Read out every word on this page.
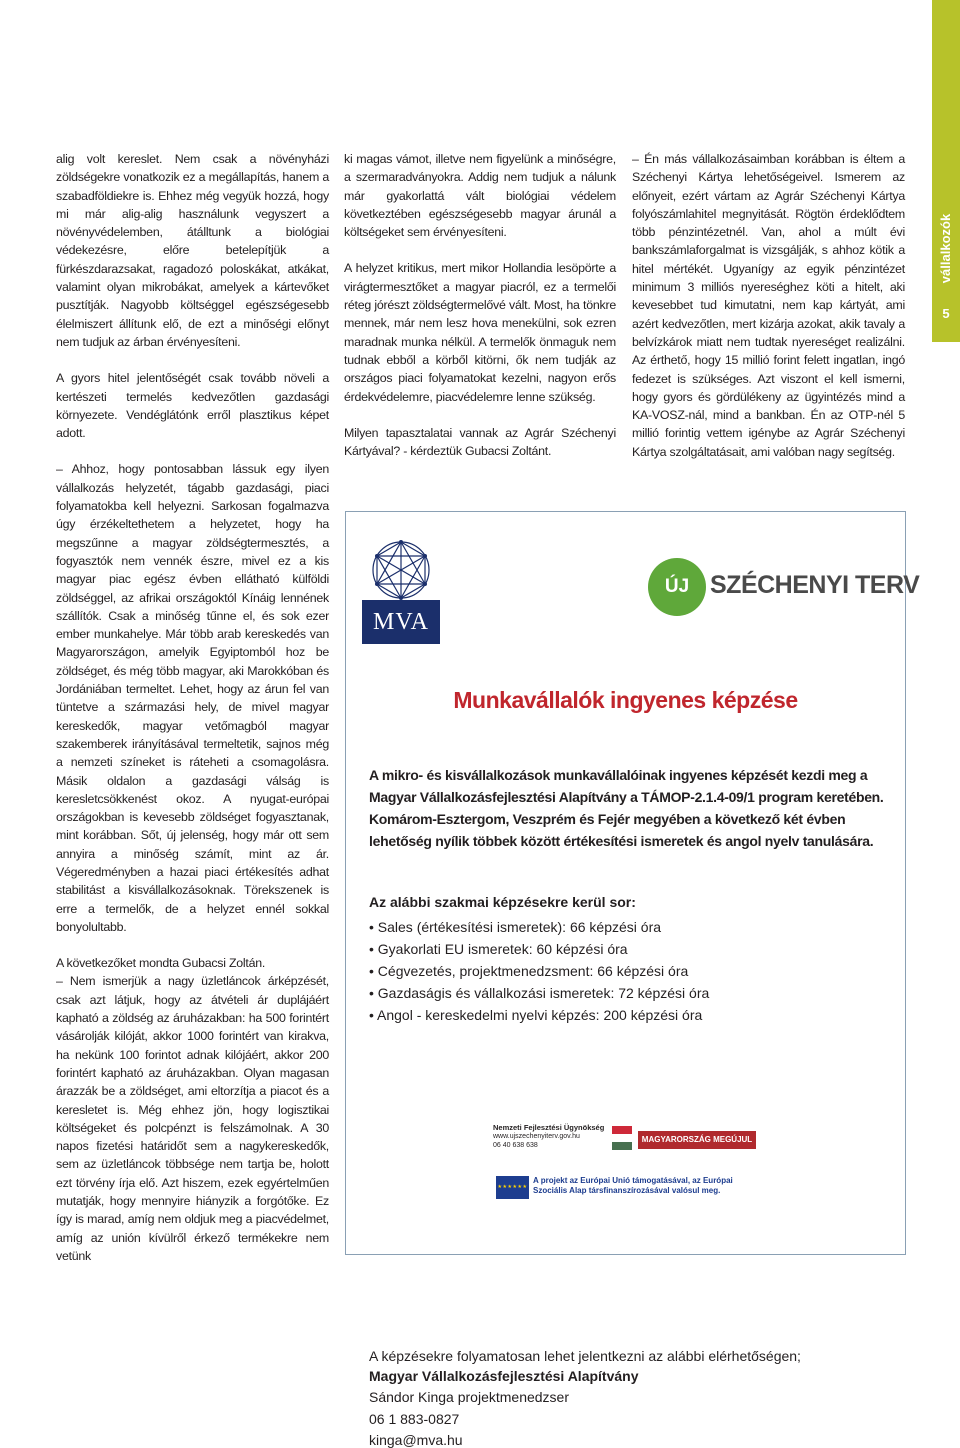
vállalkozók
5

alig volt kereslet. Nem csak a növényházi zöldségekre vonatkozik ez a megállapítás, hanem a szabadföldiekre is. Ehhez még vegyük hozzá, hogy mi már alig-alig használunk vegyszert a növényvédelemben, átálltunk a biológiai védekezésre, előre betelepítjük a fürkészdarazsakat, ragadozó poloskákat, atkákat, valamint olyan mikrobákat, amelyek a kártevőket pusztítják. Nagyobb költséggel egészségesebb élelmiszert állítunk elő, de ezt a minőségi előnyt nem tudjuk az árban érvényesíteni.

A gyors hitel jelentőségét csak tovább növeli a kertészeti termelés kedvezőtlen gazdasági környezete. Vendéglátónk erről plasztikus képet adott.

– Ahhoz, hogy pontosabban lássuk egy ilyen vállalkozás helyzetét, tágabb gazdasági, piaci folyamatokba kell helyezni. Sarkosan fogalmazva úgy érzékeltethetem a helyzetet, hogy ha megszűnne a magyar zöldségtermesztés, a fogyasztók nem vennék észre, mivel ez a kis magyar piac egész évben ellátható külföldi zöldséggel, az afrikai országoktól Kínáig lennének szállítók. Csak a minőség tűnne el, és sok ezer ember munkahelye. Már több arab kereskedés van Magyarországon, amelyik Egyiptomból hoz be zöldséget, és még több magyar, aki Marokkóban és Jordániában termeltet. Lehet, hogy az árun fel van tüntetve a származási hely, de mivel magyar kereskedők, magyar vetőmagból magyar szakemberek irányításával termeltetik, sajnos még a nemzeti színeket is ráteheti a csomagolásra. Másik oldalon a gazdasági válság is keresletcsökkenést okoz. A nyugat-európai országokban is kevesebb zöldséget fogyasztanak, mint korábban. Sőt, új jelenség, hogy már ott sem annyira a minőség számít, mint az ár. Végeredményben a hazai piaci értékesítés adhat stabilitást a kisvállalkozásoknak. Törekszenek is erre a termelők, de a helyzet ennél sokkal bonyolultabb.

A következőket mondta Gubacsi Zoltán.
– Nem ismerjük a nagy üzletláncok árképzését, csak azt látjuk, hogy az átvételi ár duplájáért kapható a zöldség az áruházakban: ha 500 forintért vásárolják kilóját, akkor 1000 forintért van kirakva, ha nekünk 100 forintot adnak kilójáért, akkor 200 forintért kapható az áruházakban. Olyan magasan árazzák be a zöldséget, ami eltorzítja a piacot és a keresletet is. Még ehhez jön, hogy logisztikai költségeket és polcpénzt is felszámolnak. A 30 napos fizetési határidőt sem a nagykereskedők, sem az üzletláncok többsége nem tartja be, holott ezt törvény írja elő. Azt hiszem, ezek egyértelműen mutatják, hogy mennyire hiányzik a forgótőke. Ez így is marad, amíg nem oldjuk meg a piacvédelmet, amíg az unión kívülről érkező termékekre nem vetünk

ki magas vámot, illetve nem figyelünk a minőségre, a szermaradványokra. Addig nem tudjuk a nálunk már gyakorlattá vált biológiai védelem következtében egészségesebb magyar árunál a költségeket sem érvényesíteni.

A helyzet kritikus, mert mikor Hollandia lesöpörte a virágtermesztőket a magyar piacról, ez a termelői réteg jórészt zöldségtermelővé vált. Most, ha tönkre mennek, már nem lesz hova menekülni, sok ezren maradnak munka nélkül. A termelők önmaguk nem tudnak ebből a körből kitörni, ők nem tudják az országos piaci folyamatokat kezelni, nagyon erős érdekvédelemre, piacvédelemre lenne szükség.

Milyen tapasztalatai vannak az Agrár Széchenyi Kártyával? - kérdeztük Gubacsi Zoltánt.

– Én más vállalkozásaimban korábban is éltem a Széchenyi Kártya lehetőségeivel. Ismerem az előnyeit, ezért vártam az Agrár Széchenyi Kártya folyószámlahitel megnyitását. Rögtön érdeklődtem több pénzintézetnél. Van, ahol a múlt évi bankszámlaforgalmat is vizsgálják, s ahhoz kötik a hitel mértékét. Ugyanígy az egyik pénzintézet minimum 3 milliós nyereséghez köti a hitelt, aki kevesebbet tud kimutatni, nem kap kártyát, ami azért kedvezőtlen, mert kizárja azokat, akik tavaly a belvízkárok miatt nem tudtak nyereséget realizálni. Az érthető, hogy 15 millió forint felett ingatlan, ingó fedezet is szükséges. Azt viszont el kell ismerni, hogy gyors és gördülékeny az ügyintézés mind a KA-VOSZ-nál, mind a bankban. Én az OTP-nél 5 millió forintig vettem igénybe az Agrár Széchenyi Kártya szolgáltatásait, ami valóban nagy segítség.

MVA
ÚJ SZÉCHENYI TERV
Munkavállalók ingyenes képzése

A mikro- és kisvállalkozások munkavállalóinak ingyenes képzését kezdi meg a Magyar Vállalkozásfejlesztési Alapítvány a TÁMOP-2.1.4-09/1 program keretében. Komárom-Esztergom, Veszprém és Fejér megyében a következő két évben lehetőség nyílik többek között értékesítési ismeretek és angol nyelv tanulására.

Az alábbi szakmai képzésekre kerül sor:

• Sales (értékesítési ismeretek): 66 képzési óra
• Gyakorlati EU ismeretek: 60 képzési óra
• Cégvezetés, projektmenedzsment: 66 képzési óra
• Gazdaságis és vállalkozási ismeretek: 72 képzési óra
• Angol - kereskedelmi nyelvi képzés: 200 képzési óra
A képzésekre folyamatosan lehet jelentkezni az alábbi elérhetőségen;
Magyar Vállalkozásfejlesztési Alapítvány
Sándor Kinga projektmenedzser
06 1 883-0827
kinga@mva.hu
Nemzeti Fejlesztési Ügynökség
www.ujszechenyiterv.gov.hu
06 40 638 638
MAGYARORSZÁG MEGÚJUL
★★★★★★
A projekt az Európai Unió támogatásával, az Európai Szociális Alap társfinanszírozásával valósul meg.
